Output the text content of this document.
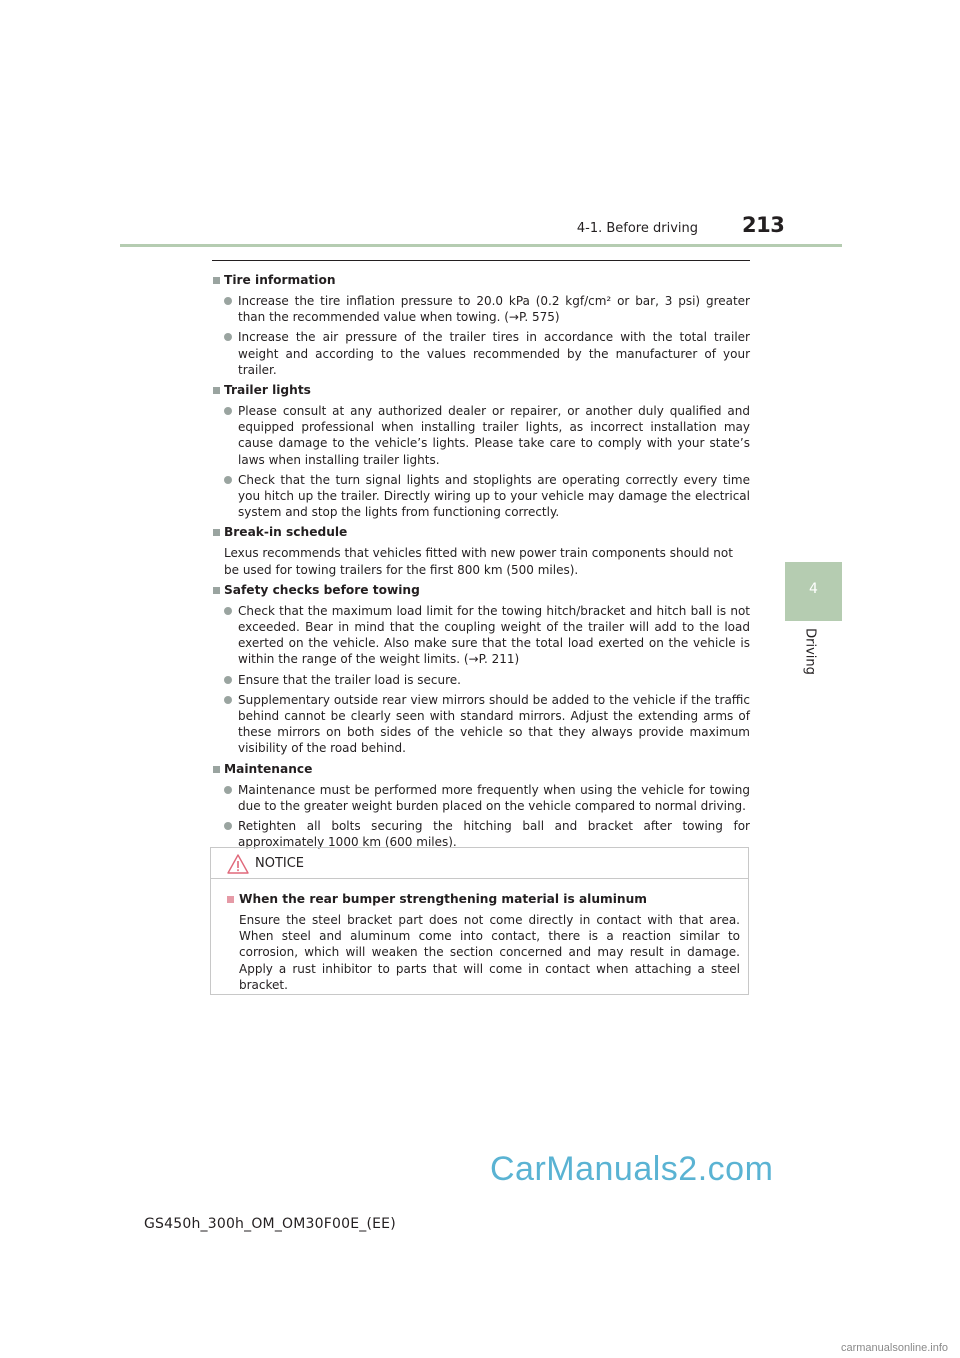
4-1. Before driving 213
4
Driving
Tire information
Increase the tire inflation pressure to 20.0 kPa (0.2 kgf/cm² or bar, 3 psi) greater than the recommended value when towing. (→P. 575)
Increase the air pressure of the trailer tires in accordance with the total trailer weight and according to the values recommended by the manufacturer of your trailer.
Trailer lights
Please consult at any authorized dealer or repairer, or another duly qualified and equipped professional when installing trailer lights, as incorrect installation may cause damage to the vehicle’s lights. Please take care to comply with your state’s laws when installing trailer lights.
Check that the turn signal lights and stoplights are operating correctly every time you hitch up the trailer. Directly wiring up to your vehicle may damage the electrical system and stop the lights from functioning correctly.
Break-in schedule
Lexus recommends that vehicles fitted with new power train components should not be used for towing trailers for the first 800 km (500 miles).
Safety checks before towing
Check that the maximum load limit for the towing hitch/bracket and hitch ball is not exceeded. Bear in mind that the coupling weight of the trailer will add to the load exerted on the vehicle. Also make sure that the total load exerted on the vehicle is within the range of the weight limits. (→P. 211)
Ensure that the trailer load is secure.
Supplementary outside rear view mirrors should be added to the vehicle if the traffic behind cannot be clearly seen with standard mirrors. Adjust the extending arms of these mirrors on both sides of the vehicle so that they always provide maximum visibility of the road behind.
Maintenance
Maintenance must be performed more frequently when using the vehicle for towing due to the greater weight burden placed on the vehicle compared to normal driving.
Retighten all bolts securing the hitching ball and bracket after towing for approximately 1000 km (600 miles).
NOTICE
When the rear bumper strengthening material is aluminum
Ensure the steel bracket part does not come directly in contact with that area. When steel and aluminum come into contact, there is a reaction similar to corrosion, which will weaken the section concerned and may result in damage. Apply a rust inhibitor to parts that will come in contact when attaching a steel bracket.
GS450h_300h_OM_OM30F00E_(EE)
CarManuals2.com
carmanualsonline.info
